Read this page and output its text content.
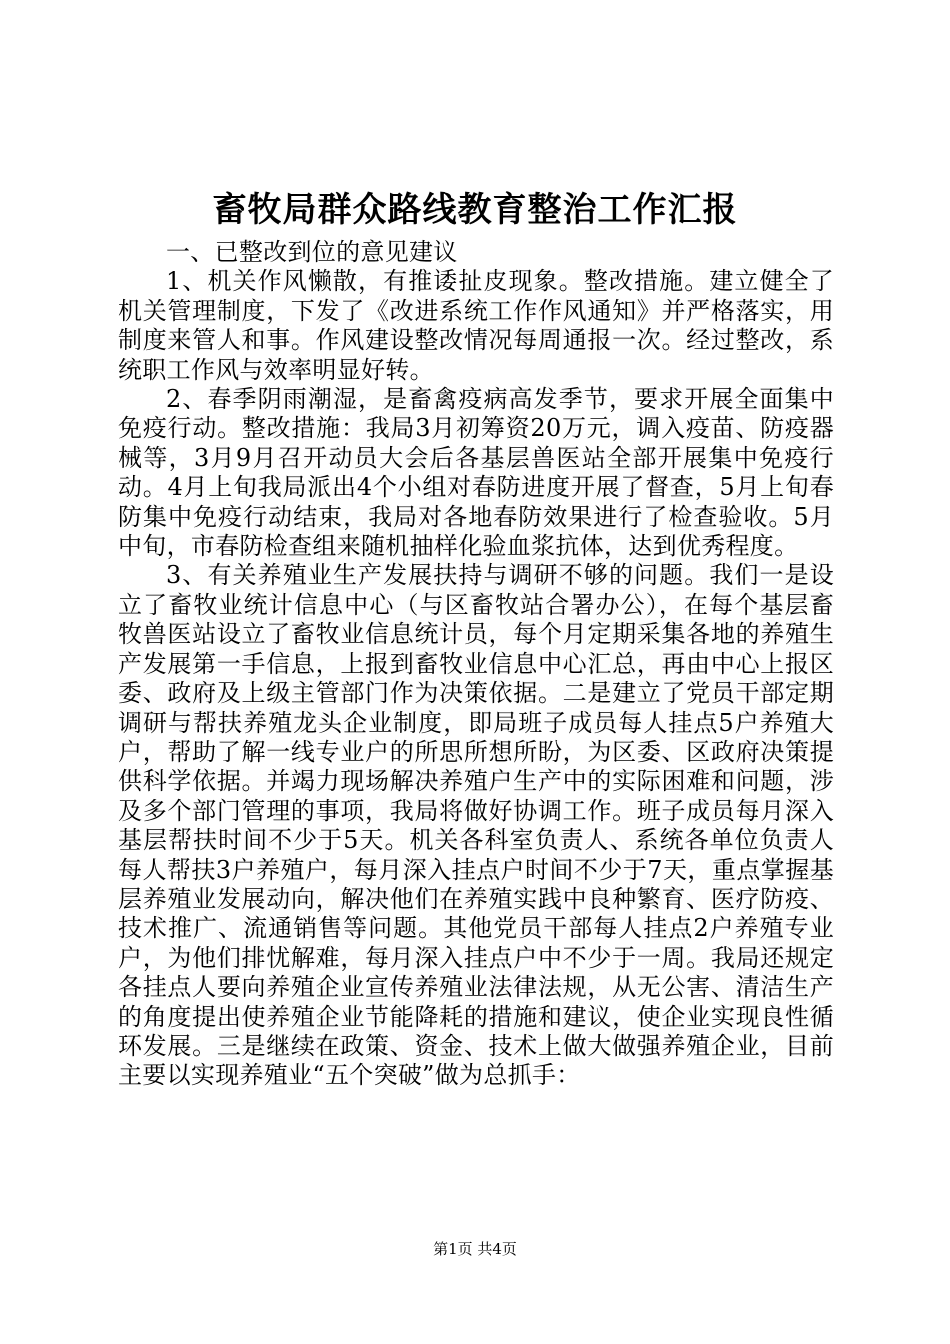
畜牧局群众路线教育整治工作汇报

一、已整改到位的意见建议

1、机关作风懒散，有推诿扯皮现象。整改措施。建立健全了机关管理制度，下发了《改进系统工作作风通知》并严格落实，用制度来管人和事。作风建设整改情况每周通报一次。经过整改，系统职工作风与效率明显好转。

2、春季阴雨潮湿，是畜禽疫病高发季节，要求开展全面集中免疫行动。整改措施：我局3月初筹资20万元，调入疫苗、防疫器械等，3月9月召开动员大会后各基层兽医站全部开展集中免疫行动。4月上旬我局派出4个小组对春防进度开展了督查，5月上旬春防集中免疫行动结束，我局对各地春防效果进行了检查验收。5月中旬，市春防检查组来随机抽样化验血浆抗体，达到优秀程度。

3、有关养殖业生产发展扶持与调研不够的问题。我们一是设立了畜牧业统计信息中心（与区畜牧站合署办公），在每个基层畜牧兽医站设立了畜牧业信息统计员，每个月定期采集各地的养殖生产发展第一手信息，上报到畜牧业信息中心汇总，再由中心上报区委、政府及上级主管部门作为决策依据。二是建立了党员干部定期调研与帮扶养殖龙头企业制度，即局班子成员每人挂点5户养殖大户，帮助了解一线专业户的所思所想所盼，为区委、区政府决策提供科学依据。并竭力现场解决养殖户生产中的实际困难和问题，涉及多个部门管理的事项，我局将做好协调工作。班子成员每月深入基层帮扶时间不少于5天。机关各科室负责人、系统各单位负责人每人帮扶3户养殖户，每月深入挂点户时间不少于7天，重点掌握基层养殖业发展动向，解决他们在养殖实践中良种繁育、医疗防疫、技术推广、流通销售等问题。其他党员干部每人挂点2户养殖专业户，为他们排忧解难，每月深入挂点户中不少于一周。我局还规定各挂点人要向养殖企业宣传养殖业法律法规，从无公害、清洁生产的角度提出使养殖企业节能降耗的措施和建议，使企业实现良性循环发展。三是继续在政策、资金、技术上做大做强养殖企业，目前主要以实现养殖业“五个突破”做为总抓手：

第1页 共4页
